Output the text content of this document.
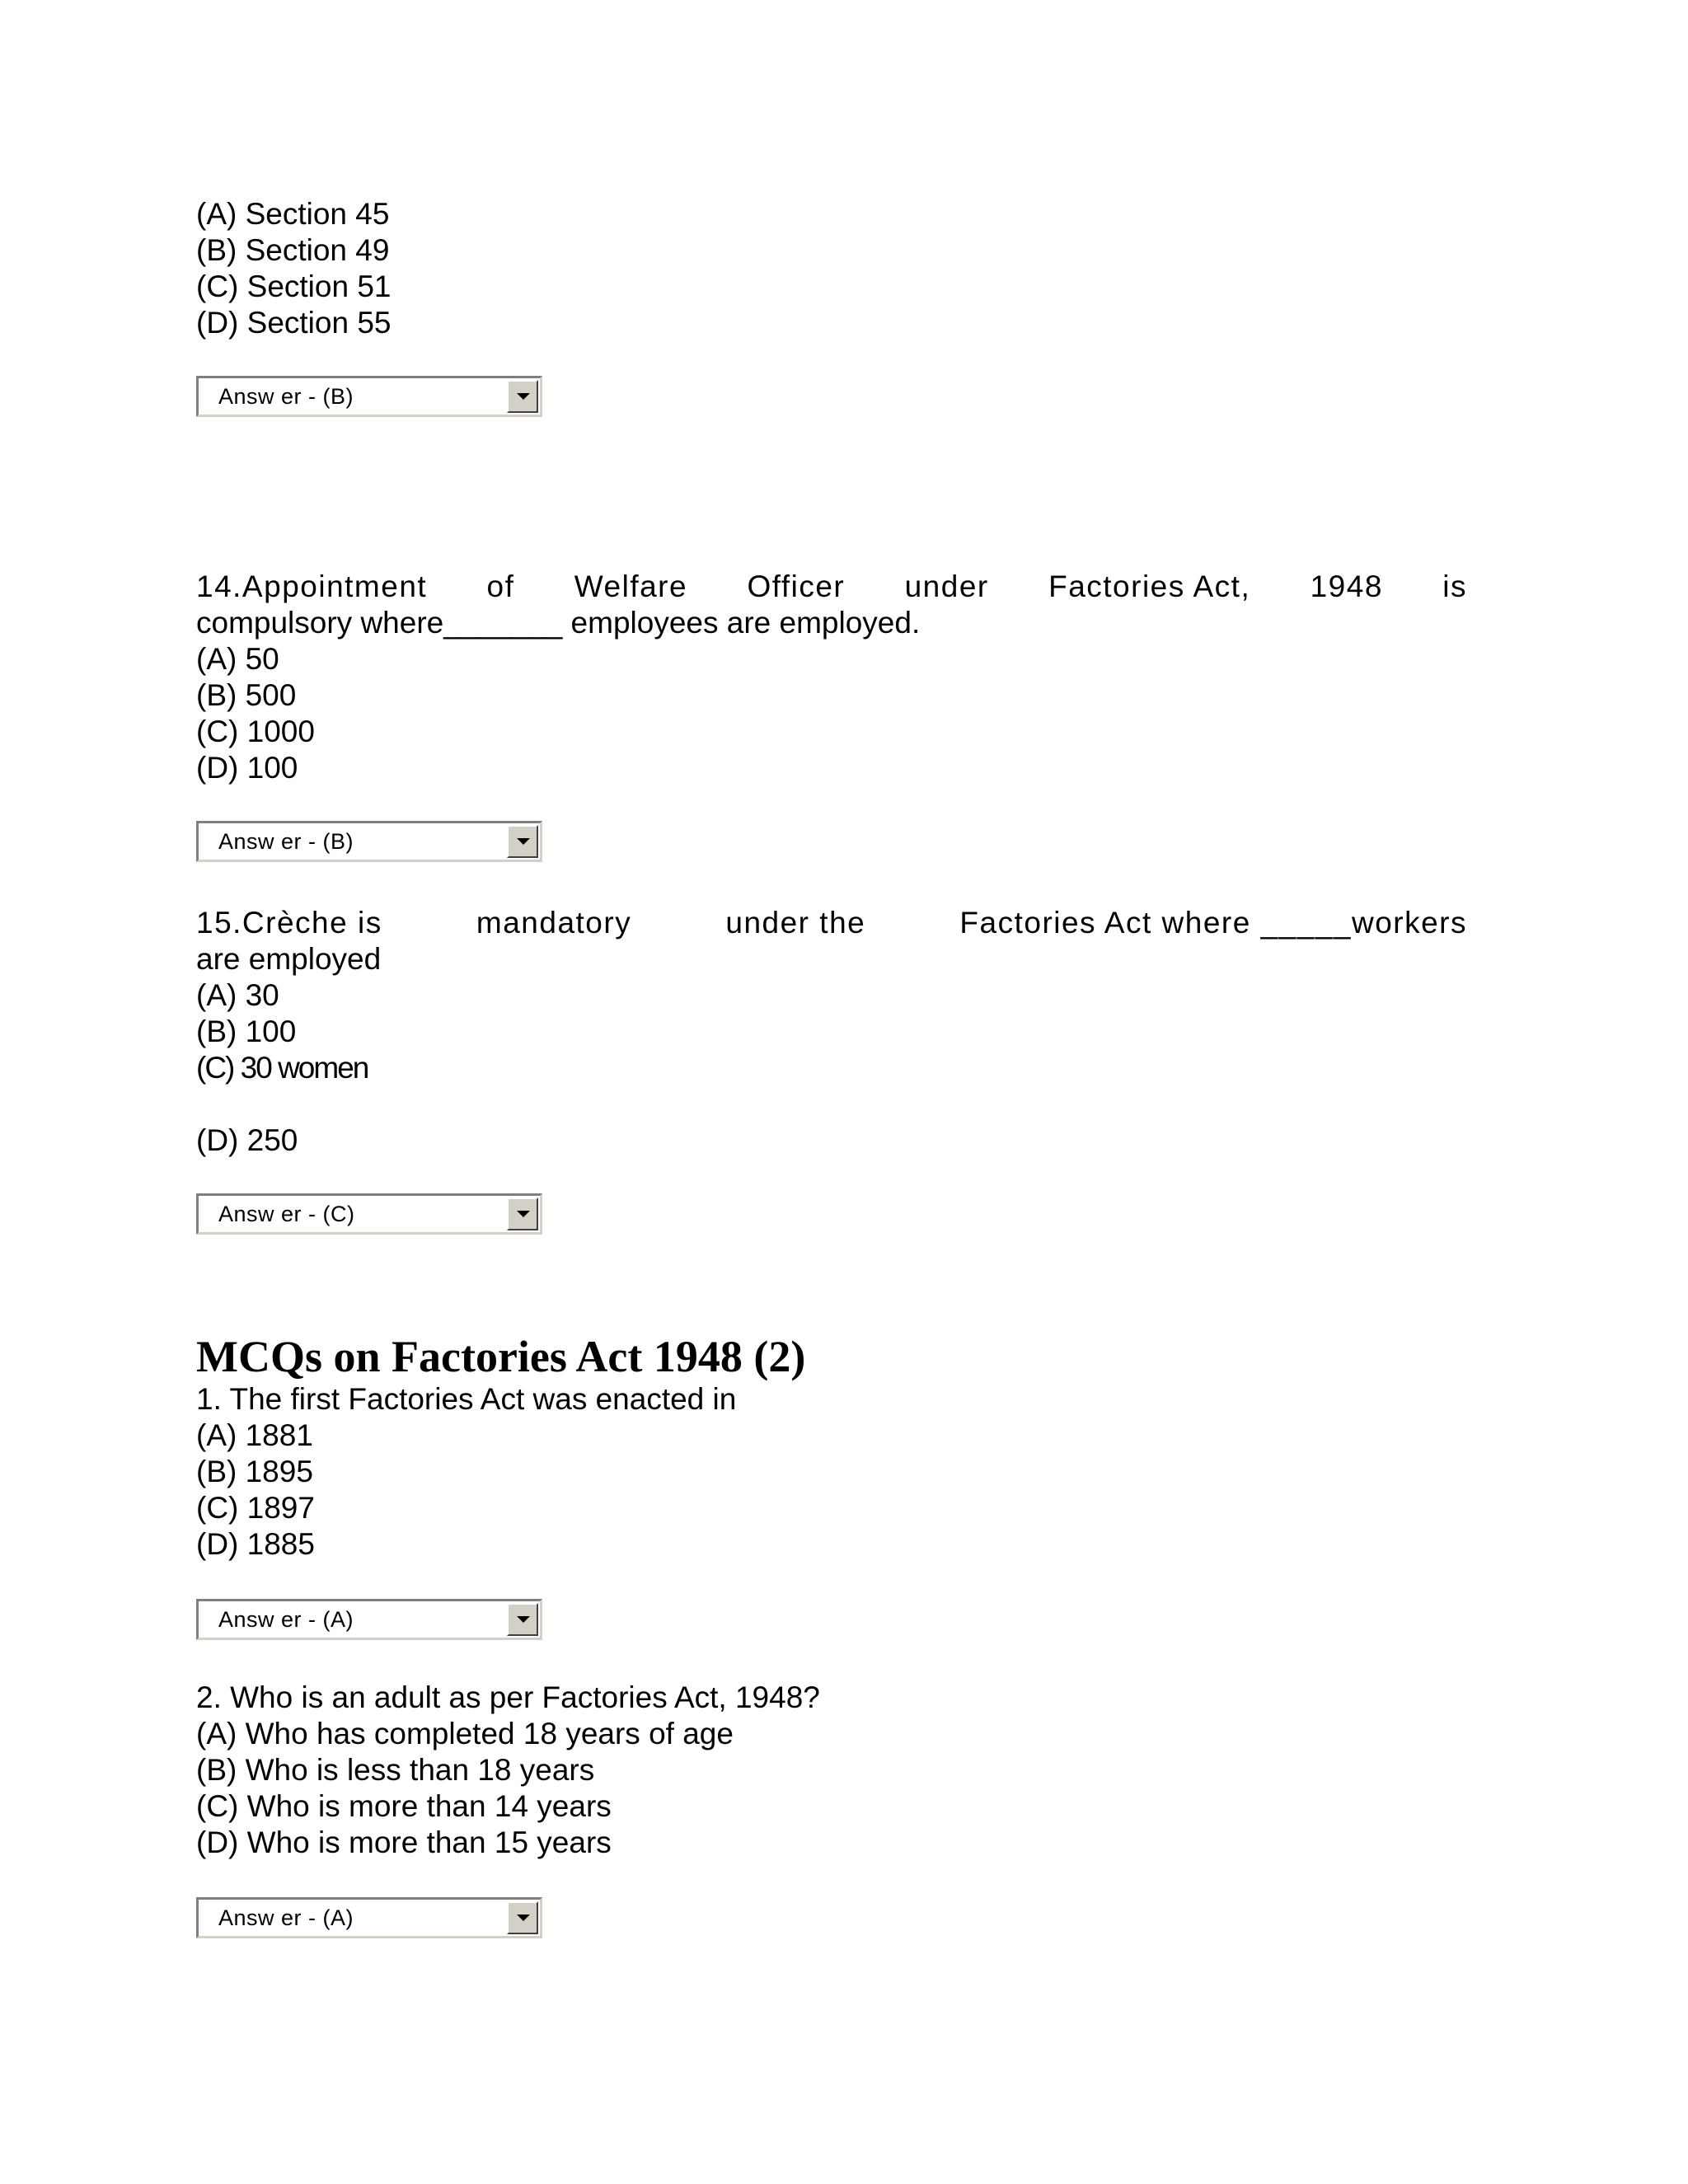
(A) Section 45
(B) Section 49
(C) Section 51
(D) Section 55
Answ er - (B)
14.Appointment of Welfare Officer under Factories Act, 1948 is
compulsory where_______ employees are employed.
(A) 50
(B) 500
(C) 1000
(D) 100
Answ er - (B)
15.Crèche is	mandatory	under the	Factories Act where _____workers
are employed
(A) 30
(B) 100
(C) 30 women
(D) 250
Answ er - (C)
MCQs on Factories Act 1948 (2)
1. The first Factories Act was enacted in
(A) 1881
(B) 1895
(C) 1897
(D) 1885
Answ er - (A)
2. Who is an adult as per Factories Act, 1948?
(A) Who has completed 18 years of age
(B) Who is less than 18 years
(C) Who is more than 14 years
(D) Who is more than 15 years
Answ er - (A)
